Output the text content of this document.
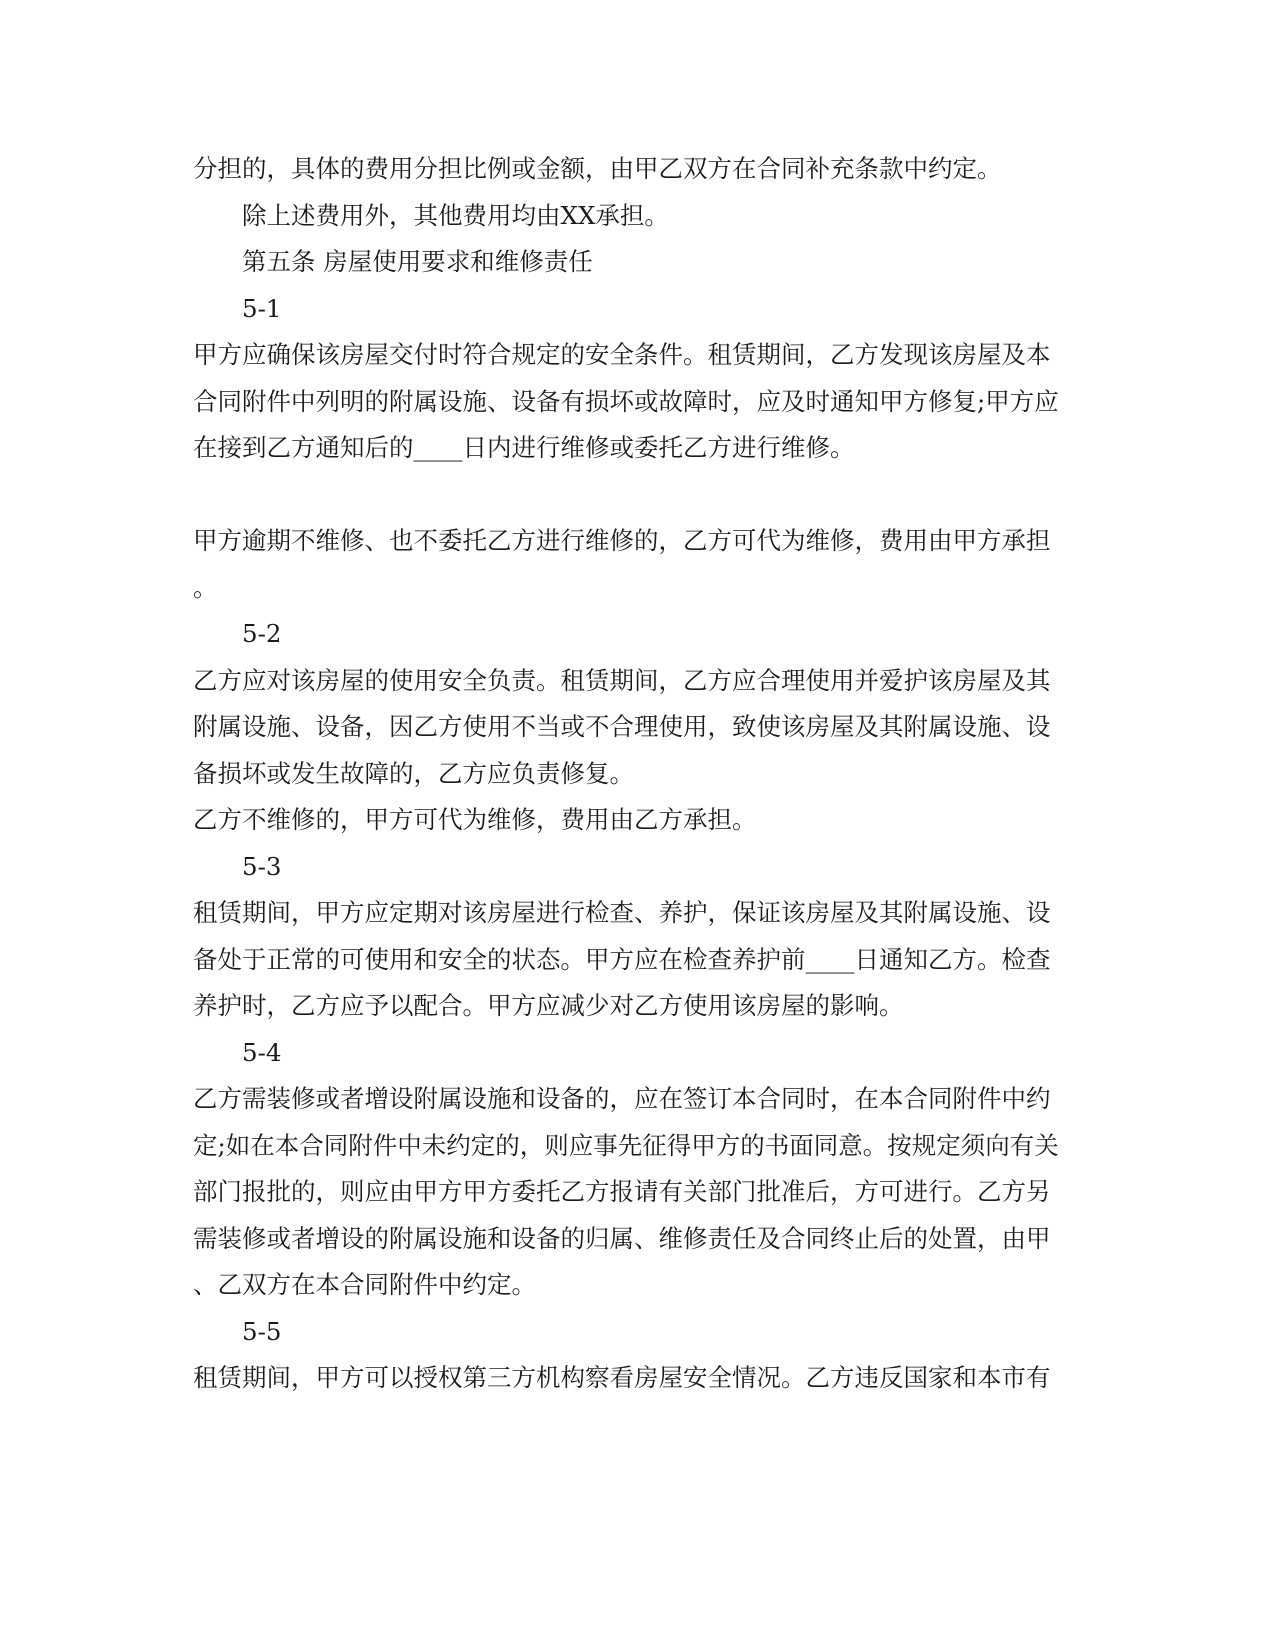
分担的，具体的费用分担比例或金额，由甲乙双方在合同补充条款中约定。
除上述费用外，其他费用均由XX承担。
第五条 房屋使用要求和维修责任
5-1
甲方应确保该房屋交付时符合规定的安全条件。租赁期间，乙方发现该房屋及本
合同附件中列明的附属设施、设备有损坏或故障时，应及时通知甲方修复;甲方应
在接到乙方通知后的____日内进行维修或委托乙方进行维修。
甲方逾期不维修、也不委托乙方进行维修的，乙方可代为维修，费用由甲方承担
。
5-2
乙方应对该房屋的使用安全负责。租赁期间，乙方应合理使用并爱护该房屋及其
附属设施、设备，因乙方使用不当或不合理使用，致使该房屋及其附属设施、设
备损坏或发生故障的，乙方应负责修复。
乙方不维修的，甲方可代为维修，费用由乙方承担。
5-3
租赁期间，甲方应定期对该房屋进行检查、养护，保证该房屋及其附属设施、设
备处于正常的可使用和安全的状态。甲方应在检查养护前____日通知乙方。检查
养护时，乙方应予以配合。甲方应减少对乙方使用该房屋的影响。
5-4
乙方需装修或者增设附属设施和设备的，应在签订本合同时，在本合同附件中约
定;如在本合同附件中未约定的，则应事先征得甲方的书面同意。按规定须向有关
部门报批的，则应由甲方甲方委托乙方报请有关部门批准后，方可进行。乙方另
需装修或者增设的附属设施和设备的归属、维修责任及合同终止后的处置，由甲
、乙双方在本合同附件中约定。
5-5
租赁期间，甲方可以授权第三方机构察看房屋安全情况。乙方违反国家和本市有
